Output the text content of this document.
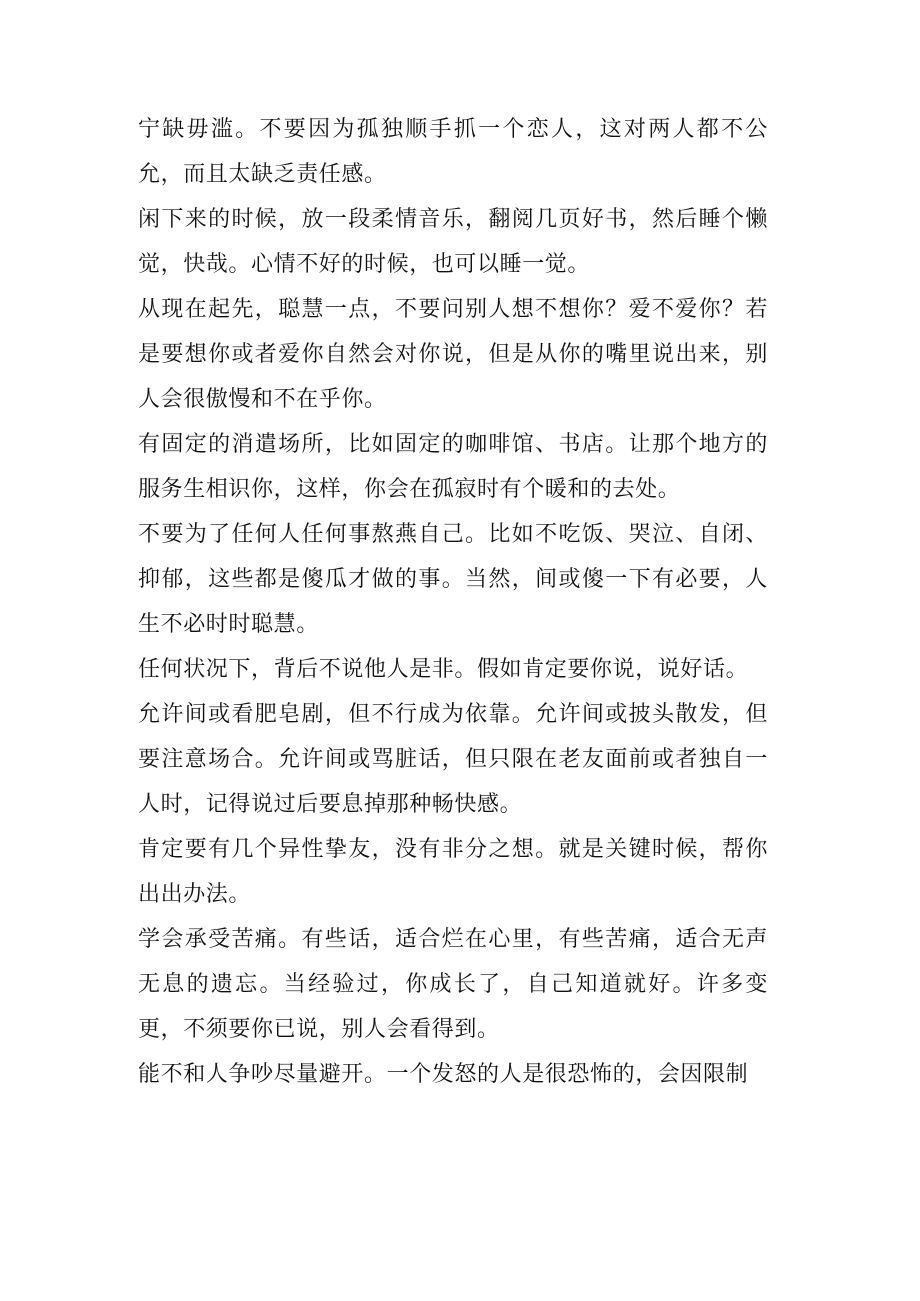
宁缺毋滥。不要因为孤独顺手抓一个恋人，这对两人都不公允，而且太缺乏责任感。

闲下来的时候，放一段柔情音乐，翻阅几页好书，然后睡个懒觉，快哉。心情不好的时候，也可以睡一觉。

从现在起先，聪慧一点，不要问别人想不想你？爱不爱你？若是要想你或者爱你自然会对你说，但是从你的嘴里说出来，别人会很傲慢和不在乎你。

有固定的消遣场所，比如固定的咖啡馆、书店。让那个地方的服务生相识你，这样，你会在孤寂时有个暖和的去处。

不要为了任何人任何事熬燕自己。比如不吃饭、哭泣、自闭、抑郁，这些都是傻瓜才做的事。当然，间或傻一下有必要，人生不必时时聪慧。

任何状况下，背后不说他人是非。假如肯定要你说，说好话。

允许间或看肥皂剧，但不行成为依靠。允许间或披头散发，但要注意场合。允许间或骂脏话，但只限在老友面前或者独自一人时，记得说过后要息掉那种畅快感。

肯定要有几个异性挚友，没有非分之想。就是关键时候，帮你出出办法。

学会承受苦痛。有些话，适合烂在心里，有些苦痛，适合无声无息的遗忘。当经验过，你成长了，自己知道就好。许多变更，不须要你已说，别人会看得到。

能不和人争吵尽量避开。一个发怒的人是很恐怖的，会因限制
